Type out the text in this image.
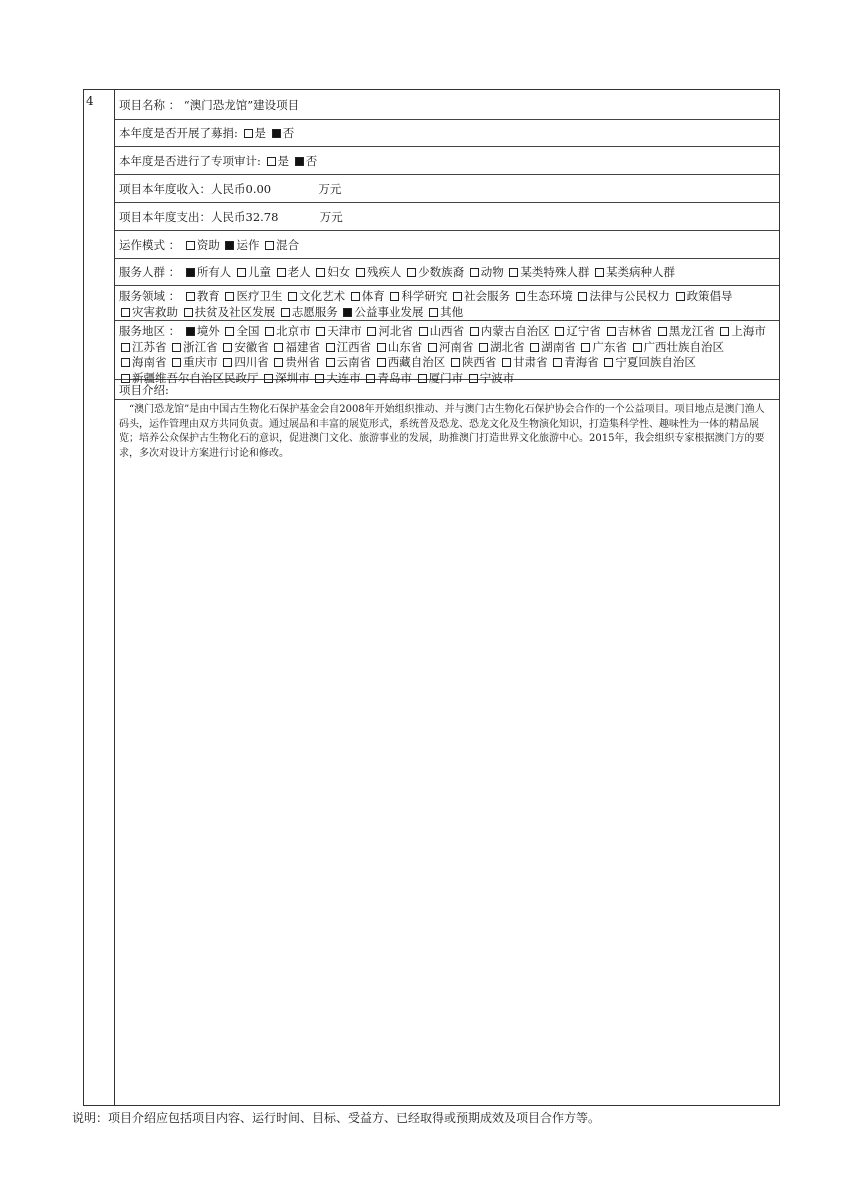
4 项目名称 ： “澳门恐龙馆”建设项目
本年度是否开展了募捐: 是 否
本年度是否进行了专项审计: 是 否
项目本年度收入：人民币0.00	万元
项目本年度支出：人民币32.78	万元
运作模式 ： 资助 运作 混合
服务人群 ： 所有人 儿童 老人 妇女 残疾人 少数族裔 动物 某类特殊人群 某类病种人群
服务领域 ： 教育 医疗卫生 文化艺术 体育 科学研究 社会服务 生态环境 法律与公民权力 政策倡导 灾害救助 扶贫及社区发展 志愿服务 公益事业发展 其他
服务地区 ： 境外 全国 北京市 天津市 河北省 山西省 内蒙古自治区 辽宁省 吉林省 黑龙江省 上海市 江苏省 浙江省 安徽省 福建省 江西省 山东省 河南省 湖北省 湖南省 广东省 广西壮族自治区 海南省 重庆市 四川省 贵州省 云南省 西藏自治区 陕西省 甘肃省 青海省 宁夏回族自治区 新疆维吾尔自治区民政厅 深圳市 大连市 青岛市 厦门市 宁波市
项目介绍:
“澳门恐龙馆”是由中国古生物化石保护基金会自2008年开始组织推动、并与澳门古生物化石保护协会合作的一个公益项目。项目地点是澳门渔人码头，运作管理由双方共同负责。通过展品和丰富的展览形式，系统普及恐龙、恐龙文化及生物演化知识，打造集科学性、趣味性为一体的精品展览；培养公众保护古生物化石的意识，促进澳门文化、旅游事业的发展，助推澳门打造世界文化旅游中心。2015年，我会组织专家根据澳门方的要求，多次对设计方案进行讨论和修改。
说明：项目介绍应包括项目内容、运行时间、目标、受益方、已经取得或预期成效及项目合作方等。
